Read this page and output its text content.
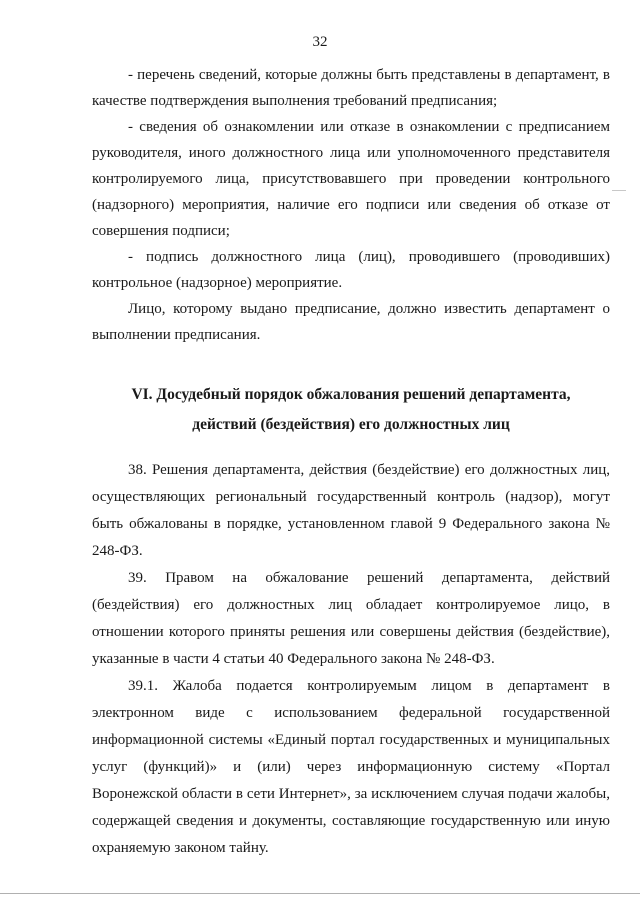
32

- перечень сведений, которые должны быть представлены в департамент, в качестве подтверждения выполнения требований предписания;

- сведения об ознакомлении или отказе в ознакомлении с предписанием руководителя, иного должностного лица или уполномоченного представителя контролируемого лица, присутствовавшего при проведении контрольного (надзорного) мероприятия, наличие его подписи или сведения об отказе от совершения подписи;

- подпись должностного лица (лиц), проводившего (проводивших) контрольное (надзорное) мероприятие.

Лицо, которому выдано предписание, должно известить департамент о выполнении предписания.

VI. Досудебный порядок обжалования решений департамента,
действий (бездействия) его должностных лиц

38. Решения департамента, действия (бездействие) его должностных лиц, осуществляющих региональный государственный контроль (надзор), могут быть обжалованы в порядке, установленном главой 9 Федерального закона № 248-ФЗ.

39. Правом на обжалование решений департамента, действий (бездействия) его должностных лиц обладает контролируемое лицо, в отношении которого приняты решения или совершены действия (бездействие), указанные в части 4 статьи 40 Федерального закона № 248-ФЗ.

39.1. Жалоба подается контролируемым лицом в департамент в электронном виде с использованием федеральной государственной информационной системы «Единый портал государственных и муниципальных услуг (функций)» и (или) через информационную систему «Портал Воронежской области в сети Интернет», за исключением случая подачи жалобы, содержащей сведения и документы, составляющие государственную или иную охраняемую законом тайну.
